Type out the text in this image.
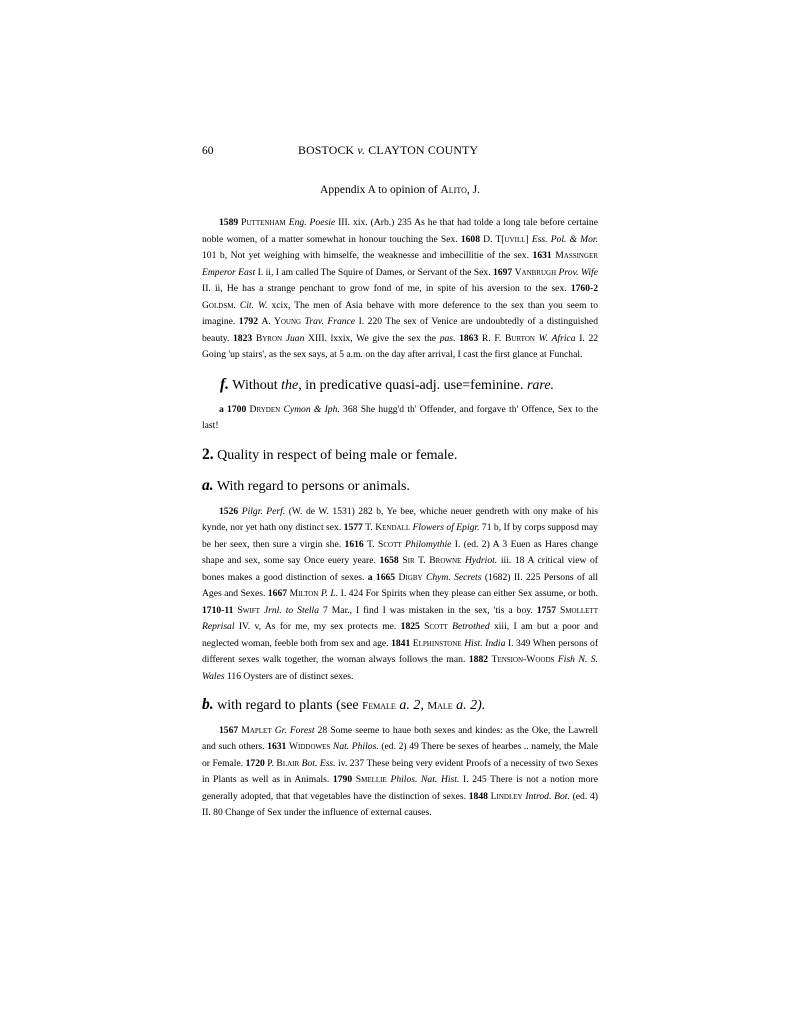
60	BOSTOCK v. CLAYTON COUNTY
Appendix A to opinion of Alito, J.

1589 Puttenham Eng. Poesie III. xix. (Arb.) 235 As he that had tolde a long tale before certaine noble women, of a matter somewhat in honour touching the Sex. 1608 D. T[uvill] Ess. Pol. & Mor. 101 b, Not yet weighing with himselfe, the weaknesse and imbecillitie of the sex. 1631 Massinger Emperor East I. ii, I am called The Squire of Dames, or Servant of the Sex. 1697 Vanbrugh Prov. Wife II. ii, He has a strange penchant to grow fond of me, in spite of his aversion to the sex. 1760-2 Goldsm. Cit. W. xcix, The men of Asia behave with more deference to the sex than you seem to imagine. 1792 A. Young Trav. France I. 220 The sex of Venice are undoubtedly of a distinguished beauty. 1823 Byron Juan XIII. lxxix, We give the sex the pas. 1863 R. F. Burton W. Africa I. 22 Going 'up stairs', as the sex says, at 5 a.m. on the day after arrival, I cast the first glance at Funchal.

f. Without the, in predicative quasi-adj. use=feminine. rare.

a 1700 Dryden Cymon & Iph. 368 She hugg'd th' Offender, and forgave th' Offence, Sex to the last!

2. Quality in respect of being male or female.
a. With regard to persons or animals.

1526 Pilgr. Perf. (W. de W. 1531) 282 b, Ye bee, whiche neuer gendreth with ony make of his kynde, nor yet hath ony distinct sex. 1577 T. Kendall Flowers of Epigr. 71 b, If by corps supposd may be her seex, then sure a virgin she. 1616 T. Scott Philomythie I. (ed. 2) A 3 Euen as Hares change shape and sex, some say Once euery yeare. 1658 Sir T. Browne Hydriot. iii. 18 A critical view of bones makes a good distinction of sexes. a 1665 Digby Chym. Secrets (1682) II. 225 Persons of all Ages and Sexes. 1667 Milton P. L. I. 424 For Spirits when they please can either Sex assume, or both. 1710-11 Swift Jrnl. to Stella 7 Mar., I find I was mistaken in the sex, 'tis a boy. 1757 Smollett Reprisal IV. v, As for me, my sex protects me. 1825 Scott Betrothed xiii, I am but a poor and neglected woman, feeble both from sex and age. 1841 Elphinstone Hist. India I. 349 When persons of different sexes walk together, the woman always follows the man. 1882 Tension-Woods Fish N. S. Wales 116 Oysters are of distinct sexes.

b. with regard to plants (see Female a. 2, Male a. 2).

1567 Maplet Gr. Forest 28 Some seeme to haue both sexes and kindes: as the Oke, the Lawrell and such others. 1631 Widdowes Nat. Philos. (ed. 2) 49 There be sexes of hearbes .. namely, the Male or Female. 1720 P. Blair Bot. Ess. iv. 237 These being very evident Proofs of a necessity of two Sexes in Plants as well as in Animals. 1790 Smellie Philos. Nat. Hist. I. 245 There is not a notion more generally adopted, that that vegetables have the distinction of sexes. 1848 Lindley Introd. Bot. (ed. 4) II. 80 Change of Sex under the influence of external causes.
